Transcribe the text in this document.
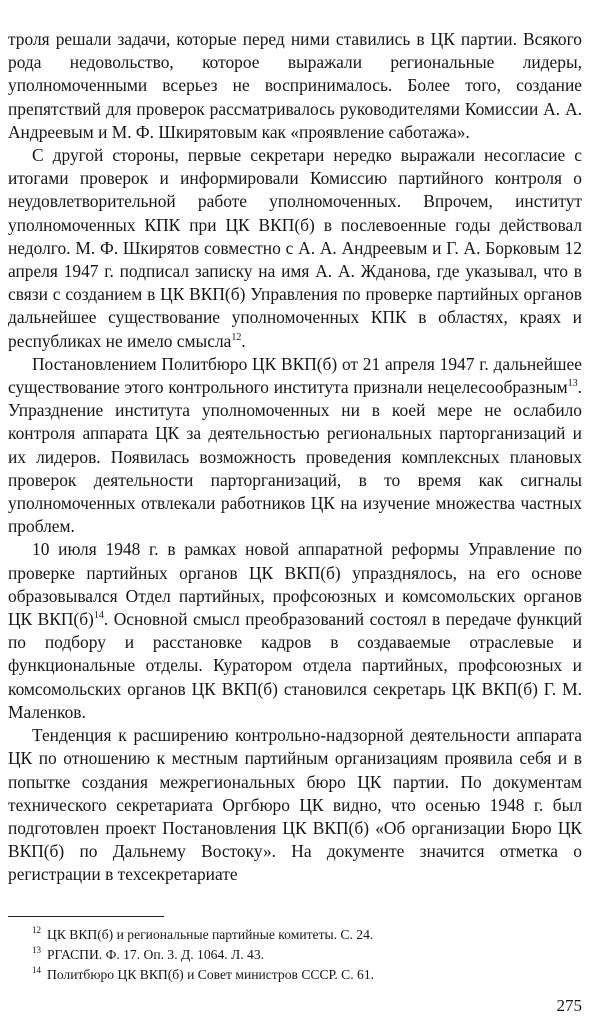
троля решали задачи, которые перед ними ставились в ЦК партии. Всякого рода недовольство, которое выражали региональные лидеры, уполномоченными всерьез не воспринималось. Более того, создание препятствий для проверок рассматривалось руководителями Комиссии А. А. Андреевым и М. Ф. Шкирятовым как «проявление саботажа».

С другой стороны, первые секретари нередко выражали несогласие с итогами проверок и информировали Комиссию партийного контроля о неудовлетворительной работе уполномоченных. Впрочем, институт уполномоченных КПК при ЦК ВКП(б) в послевоенные годы действовал недолго. М. Ф. Шкирятов совместно с А. А. Андреевым и Г. А. Борковым 12 апреля 1947 г. подписал записку на имя А. А. Жданова, где указывал, что в связи с созданием в ЦК ВКП(б) Управления по проверке партийных органов дальнейшее существование уполномоченных КПК в областях, краях и республиках не имело смысла$^{12}$.

Постановлением Политбюро ЦК ВКП(б) от 21 апреля 1947 г. дальнейшее существование этого контрольного института признали нецелесообразным$^{13}$. Упразднение института уполномоченных ни в коей мере не ослабило контроля аппарата ЦК за деятельностью региональных парторганизаций и их лидеров. Появилась возможность проведения комплексных плановых проверок деятельности парторганизаций, в то время как сигналы уполномоченных отвлекали работников ЦК на изучение множества частных проблем.

10 июля 1948 г. в рамках новой аппаратной реформы Управление по проверке партийных органов ЦК ВКП(б) упразднялось, на его основе образовывался Отдел партийных, профсоюзных и комсомольских органов ЦК ВКП(б)$^{14}$. Основной смысл преобразований состоял в передаче функций по подбору и расстановке кадров в создаваемые отраслевые и функциональные отделы. Куратором отдела партийных, профсоюзных и комсомольских органов ЦК ВКП(б) становился секретарь ЦК ВКП(б) Г. М. Маленков.

Тенденция к расширению контрольно-надзорной деятельности аппарата ЦК по отношению к местным партийным организациям проявила себя и в попытке создания межрегиональных бюро ЦК партии. По документам технического секретариата Оргбюро ЦК видно, что осенью 1948 г. был подготовлен проект Постановления ЦК ВКП(б) «Об организации Бюро ЦК ВКП(б) по Дальнему Востоку». На документе значится отметка о регистрации в техсекретариате

$^{12}$ ЦК ВКП(б) и региональные партийные комитеты. С. 24.

$^{13}$ РГАСПИ. Ф. 17. Оп. 3. Д. 1064. Л. 43.

$^{14}$ Политбюро ЦК ВКП(б) и Совет министров СССР. С. 61.

275
